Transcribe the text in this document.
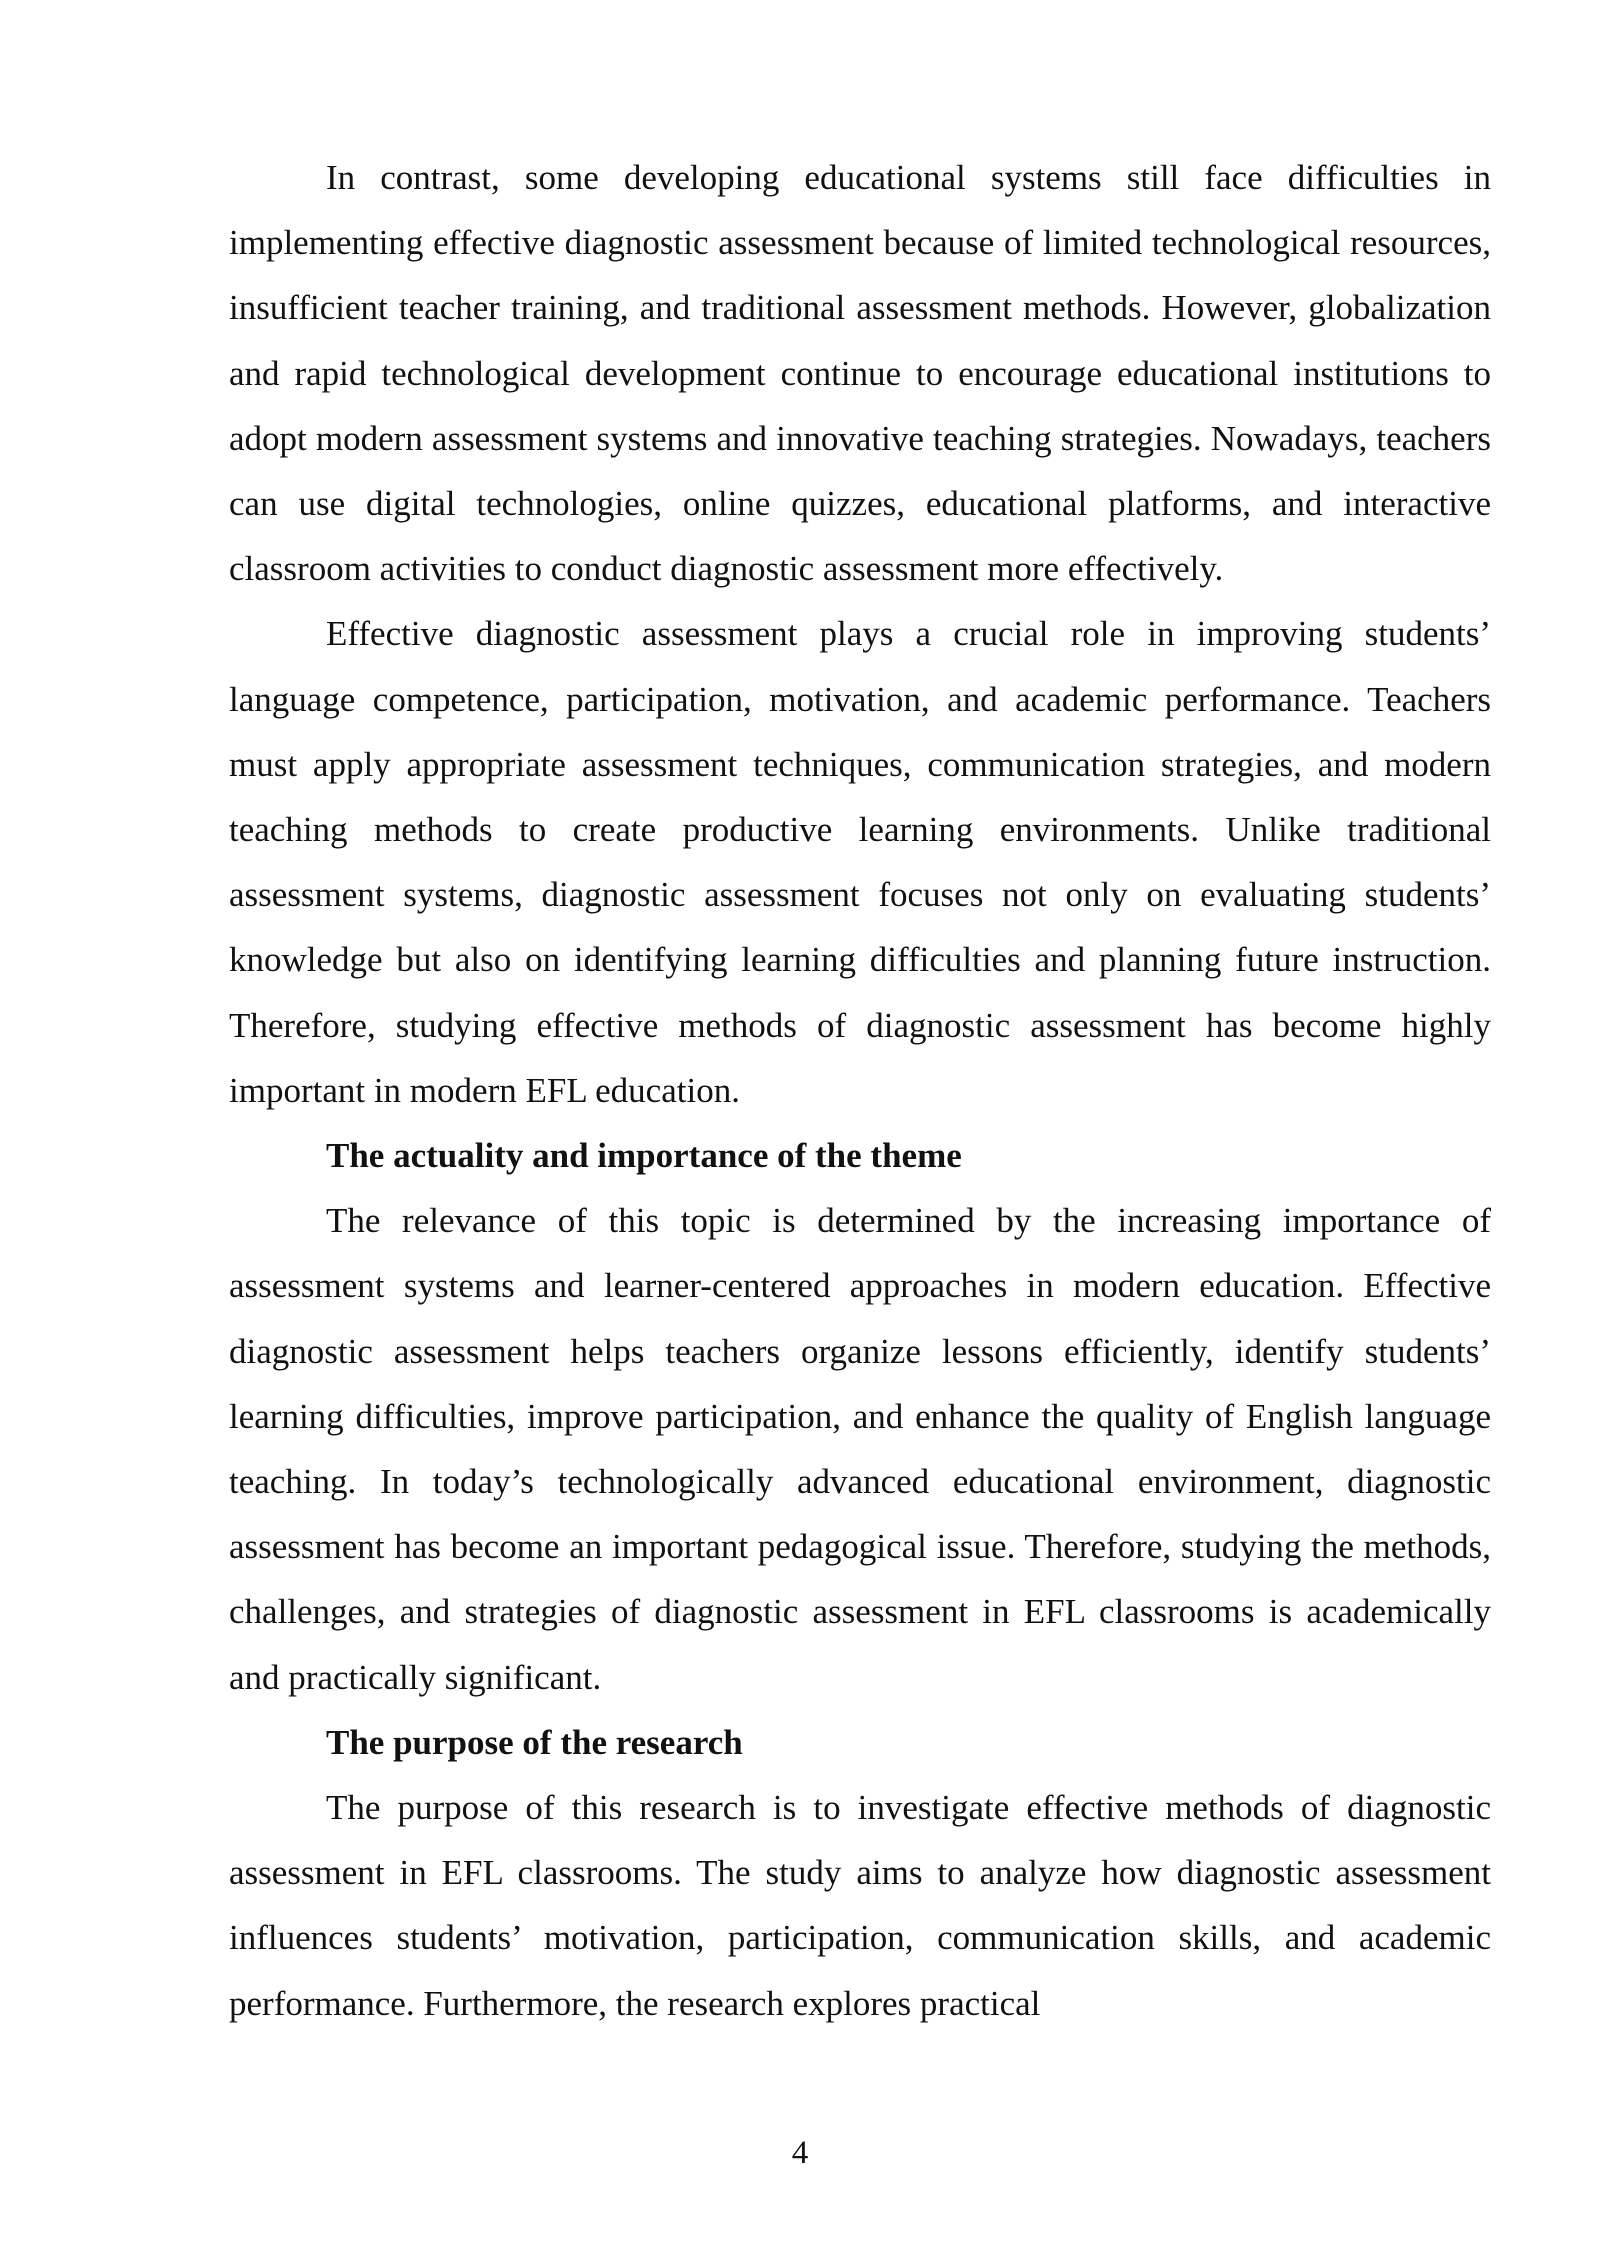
In contrast, some developing educational systems still face difficulties in implementing effective diagnostic assessment because of limited technological resources, insufficient teacher training, and traditional assessment methods. However, globalization and rapid technological development continue to encourage educational institutions to adopt modern assessment systems and innovative teaching strategies. Nowadays, teachers can use digital technologies, online quizzes, educational platforms, and interactive classroom activities to conduct diagnostic assessment more effectively.

Effective diagnostic assessment plays a crucial role in improving students’ language competence, participation, motivation, and academic performance. Teachers must apply appropriate assessment techniques, communication strategies, and modern teaching methods to create productive learning environments. Unlike traditional assessment systems, diagnostic assessment focuses not only on evaluating students’ knowledge but also on identifying learning difficulties and planning future instruction. Therefore, studying effective methods of diagnostic assessment has become highly important in modern EFL education.

The actuality and importance of the theme

The relevance of this topic is determined by the increasing importance of assessment systems and learner-centered approaches in modern education. Effective diagnostic assessment helps teachers organize lessons efficiently, identify students’ learning difficulties, improve participation, and enhance the quality of English language teaching. In today’s technologically advanced educational environment, diagnostic assessment has become an important pedagogical issue. Therefore, studying the methods, challenges, and strategies of diagnostic assessment in EFL classrooms is academically and practically significant.

The purpose of the research

The purpose of this research is to investigate effective methods of diagnostic assessment in EFL classrooms. The study aims to analyze how diagnostic assessment influences students’ motivation, participation, communication skills, and academic performance. Furthermore, the research explores practical

4
